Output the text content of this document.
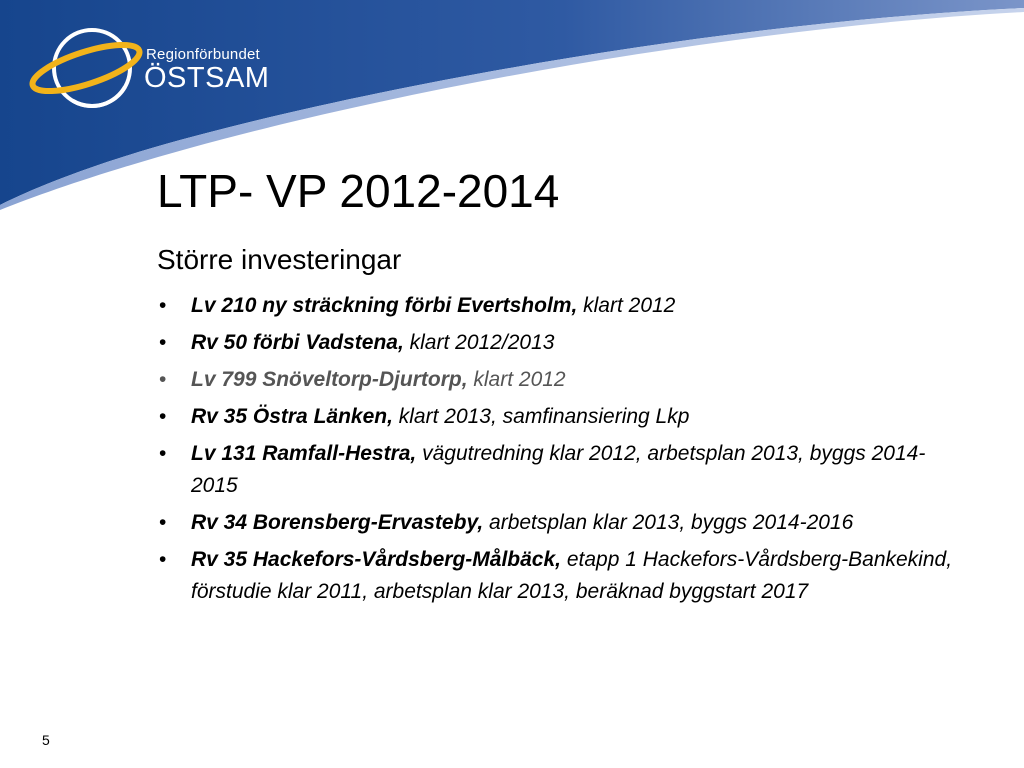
Regionförbundet
ÖSTSAM
LTP- VP 2012-2014
Större investeringar
• Lv 210 ny sträckning förbi Evertsholm, klart 2012
• Rv 50 förbi Vadstena, klart 2012/2013
• Lv 799 Snöveltorp-Djurtorp, klart 2012
• Rv 35 Östra Länken, klart 2013, samfinansiering Lkp
• Lv 131 Ramfall-Hestra, vägutredning klar 2012, arbetsplan 2013, byggs 2014-2015
• Rv 34 Borensberg-Ervasteby, arbetsplan klar 2013, byggs 2014-2016
• Rv 35 Hackefors-Vårdsberg-Målbäck, etapp 1 Hackefors-Vårdsberg-Bankekind, förstudie klar 2011, arbetsplan klar 2013, beräknad byggstart 2017
5
